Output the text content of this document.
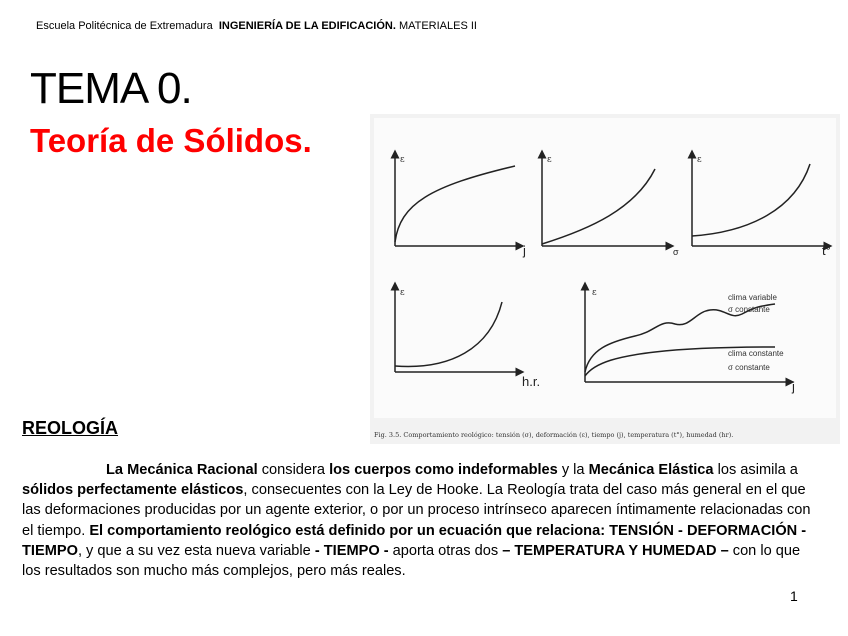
Escuela Politécnica de Extremadura INGENIERÍA DE LA EDIFICACIÓN. MATERIALES II
TEMA 0.
Teoría de Sólidos.
ε	ε	ε
ε	ε
j	σ	t°
h.r.	j
clima variable
σ constante
clima constante
σ constante
Fig. 3.5. Comportamiento reológico: tensión (σ), deformación (ε), tiempo (j), temperatura (t°), humedad (hr).
REOLOGÍA

La Mecánica Racional considera los cuerpos como indeformables y la Mecánica Elástica los asimila a sólidos perfectamente elásticos, consecuentes con la Ley de Hooke. La Reología trata del caso más general en el que las deformaciones producidas por un agente exterior, o por un proceso intrínseco aparecen íntimamente relacionadas con el tiempo. El comportamiento reológico está definido por un ecuación que relaciona: TENSIÓN - DEFORMACIÓN - TIEMPO, y que a su vez esta nueva variable - TIEMPO - aporta otras dos – TEMPERATURA Y HUMEDAD – con lo que los resultados son mucho más complejos, pero más reales.

1
